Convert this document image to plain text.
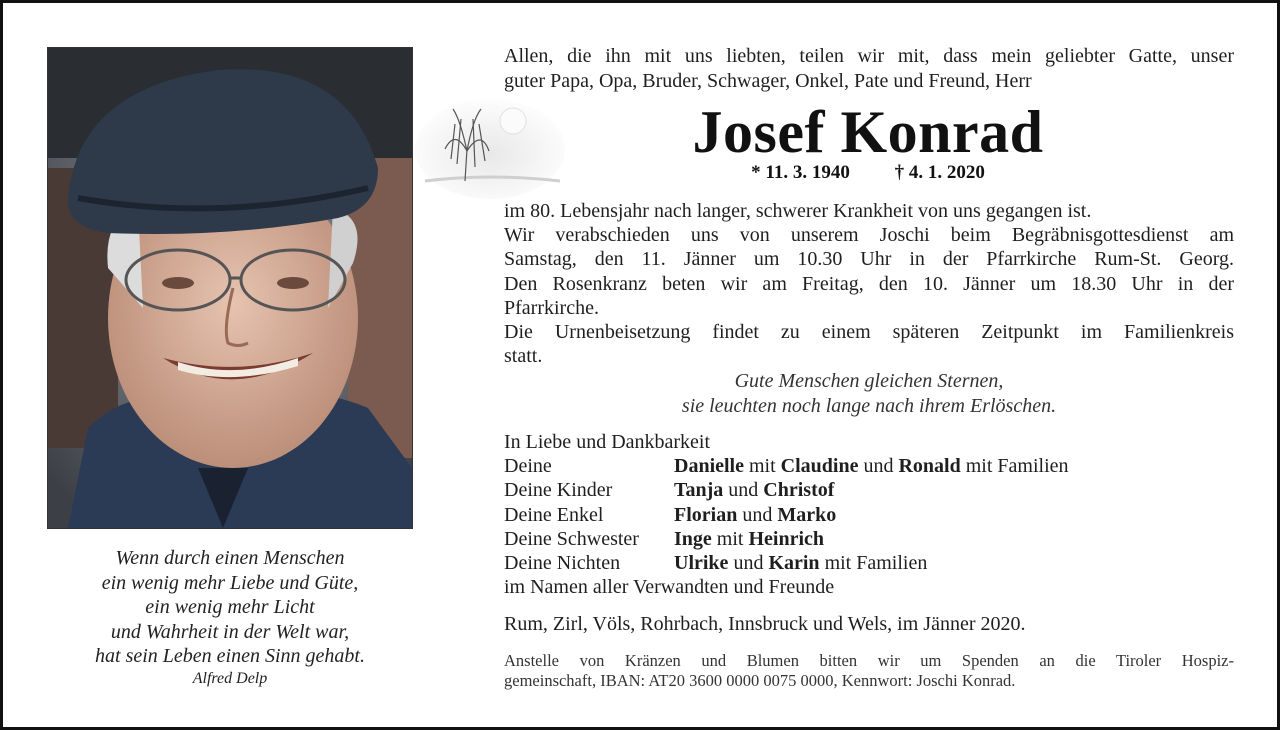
Wenn durch einen Menschen
ein wenig mehr Liebe und Güte,
ein wenig mehr Licht
und Wahrheit in der Welt war,
hat sein Leben einen Sinn gehabt.
Alfred Delp
Allen, die ihn mit uns liebten, teilen wir mit, dass mein geliebter Gatte, unser
guter Papa, Opa, Bruder, Schwager, Onkel, Pate und Freund, Herr
Josef Konrad
* 11. 3. 1940 † 4. 1. 2020
im 80. Lebensjahr nach langer, schwerer Krankheit von uns gegangen ist.
Wir verabschieden uns von unserem Joschi beim Begräbnisgottesdienst am
Samstag, den 11. Jänner um 10.30 Uhr in der Pfarrkirche Rum-St. Georg.
Den Rosenkranz beten wir am Freitag, den 10. Jänner um 18.30 Uhr in der
Pfarrkirche.
Die Urnenbeisetzung findet zu einem späteren Zeitpunkt im Familienkreis
statt.
Gute Menschen gleichen Sternen,
sie leuchten noch lange nach ihrem Erlöschen.
In Liebe und Dankbarkeit
Deine	Danielle mit Claudine und Ronald mit Familien
Deine Kinder	Tanja und Christof
Deine Enkel	Florian und Marko
Deine Schwester	Inge mit Heinrich
Deine Nichten	Ulrike und Karin mit Familien
im Namen aller Verwandten und Freunde
Rum, Zirl, Völs, Rohrbach, Innsbruck und Wels, im Jänner 2020.
Anstelle von Kränzen und Blumen bitten wir um Spenden an die Tiroler Hospiz-
gemeinschaft, IBAN: AT20 3600 0000 0075 0000, Kennwort: Joschi Konrad.
